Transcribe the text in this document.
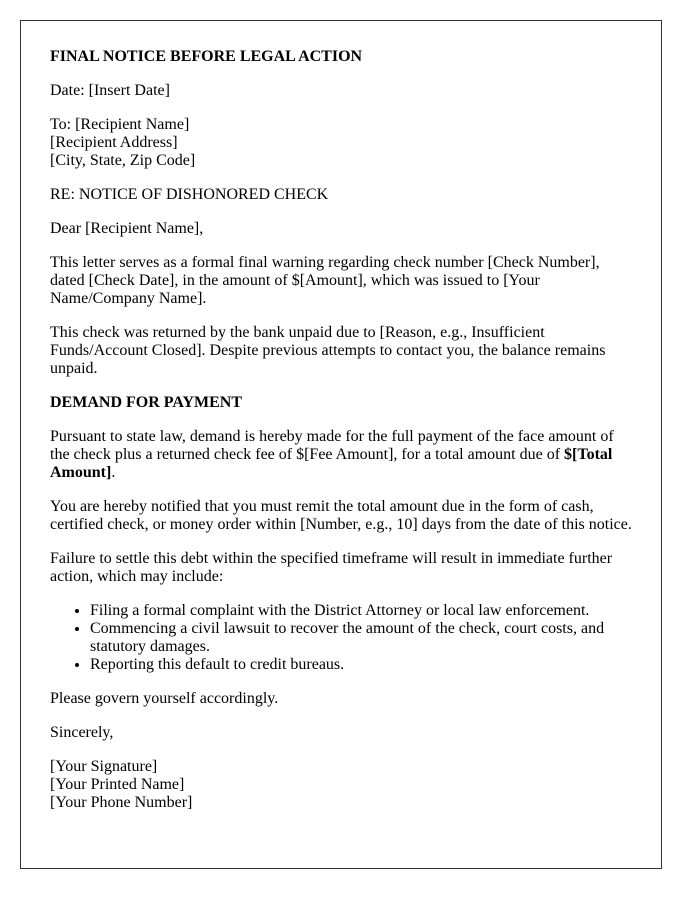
FINAL NOTICE BEFORE LEGAL ACTION

Date: [Insert Date]

To: [Recipient Name]
[Recipient Address]
[City, State, Zip Code]

RE: NOTICE OF DISHONORED CHECK

Dear [Recipient Name],

This letter serves as a formal final warning regarding check number [Check Number], dated [Check Date], in the amount of $[Amount], which was issued to [Your Name/Company Name].

This check was returned by the bank unpaid due to [Reason, e.g., Insufficient Funds/Account Closed]. Despite previous attempts to contact you, the balance remains unpaid.

DEMAND FOR PAYMENT

Pursuant to state law, demand is hereby made for the full payment of the face amount of the check plus a returned check fee of $[Fee Amount], for a total amount due of $[Total Amount].

You are hereby notified that you must remit the total amount due in the form of cash, certified check, or money order within [Number, e.g., 10] days from the date of this notice.

Failure to settle this debt within the specified timeframe will result in immediate further action, which may include:

• Filing a formal complaint with the District Attorney or local law enforcement.
• Commencing a civil lawsuit to recover the amount of the check, court costs, and statutory damages.
• Reporting this default to credit bureaus.

Please govern yourself accordingly.

Sincerely,

[Your Signature]
[Your Printed Name]
[Your Phone Number]
